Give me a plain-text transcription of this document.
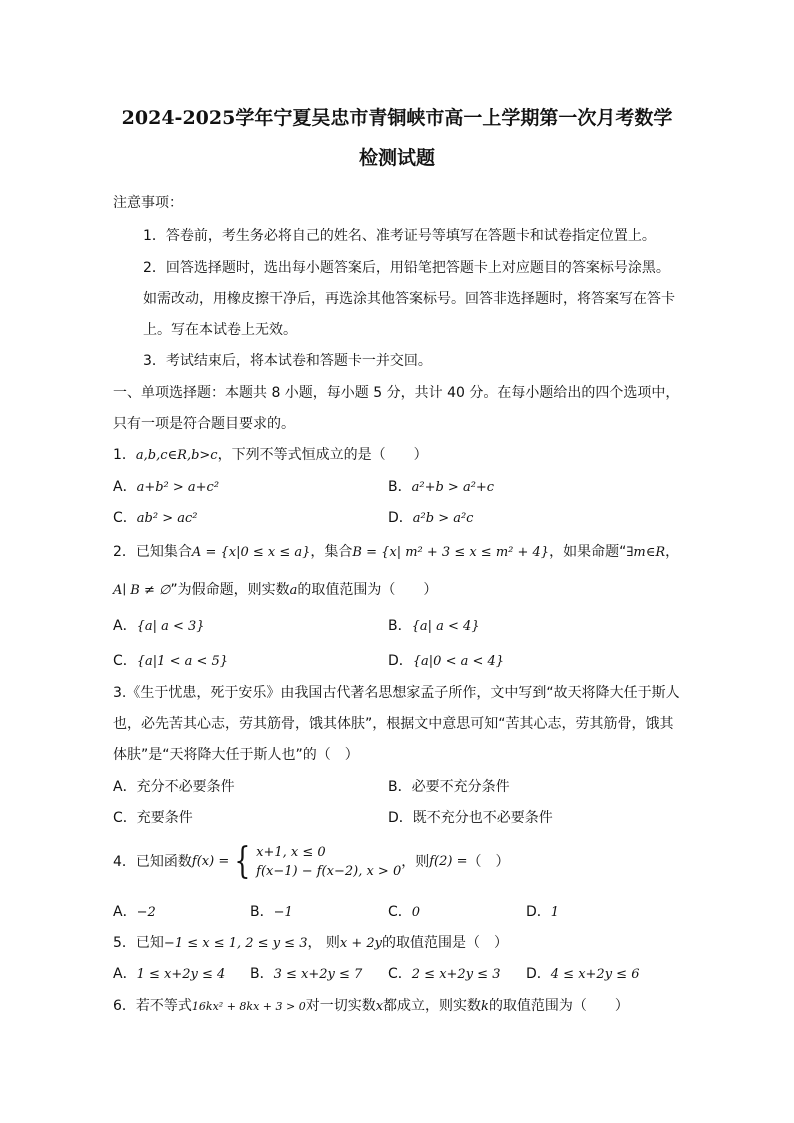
2024-2025学年宁夏吴忠市青铜峡市高一上学期第一次月考数学
检测试题
注意事项：
1．答卷前，考生务必将自己的姓名、准考证号等填写在答题卡和试卷指定位置上。
2．回答选择题时，选出每小题答案后，用铅笔把答题卡上对应题目的答案标号涂黑。
如需改动，用橡皮擦干净后，再选涂其他答案标号。回答非选择题时，将答案写在答卡
上。写在本试卷上无效。
3．考试结束后，将本试卷和答题卡一并交回。
一、单项选择题：本题共 8 小题，每小题 5 分，共计 40 分。在每小题给出的四个选项中，
只有一项是符合题目要求的。
1．a,b,c∈R,b>c，下列不等式恒成立的是（　　）
A．a+b² > a+c²	B．a²+b > a²+c
C．ab² > ac²	D．a²b > a²c
2．已知集合A = {x|0 ≤ x ≤ a}，集合B = {x| m² + 3 ≤ x ≤ m² + 4}，如果命题“∃m∈R，
A∣ B ≠ ∅”为假命题，则实数a的取值范围为（　　）
A．{a| a < 3}	B．{a| a < 4}
C．{a|1 < a < 5}	D．{a|0 < a < 4}
3.《生于忧患，死于安乐》由我国古代著名思想家孟子所作，文中写到“故天将降大任于斯人
也，必先苦其心志，劳其筋骨，饿其体肤”，根据文中意思可知“苦其心志，劳其筋骨，饿其
体肤”是“天将降大任于斯人也”的（　）
A．充分不必要条件	B．必要不充分条件
C．充要条件	D．既不充分也不必要条件
4．已知函数 f(x) = { x+1, x ≤ 0
f(x−1) − f(x−2), x > 0
，则 f(2) = （　）
A．−2	B．−1	C．0	D．1
5．已知−1 ≤ x ≤ 1, 2 ≤ y ≤ 3， 则x + 2y的取值范围是（　）
A．1 ≤ x+2y ≤ 4 B．3 ≤ x+2y ≤ 7 C．2 ≤ x+2y ≤ 3 D．4 ≤ x+2y ≤ 6
6．若不等式16kx² + 8kx + 3 > 0对一切实数x都成立，则实数k的取值范围为（　　）
